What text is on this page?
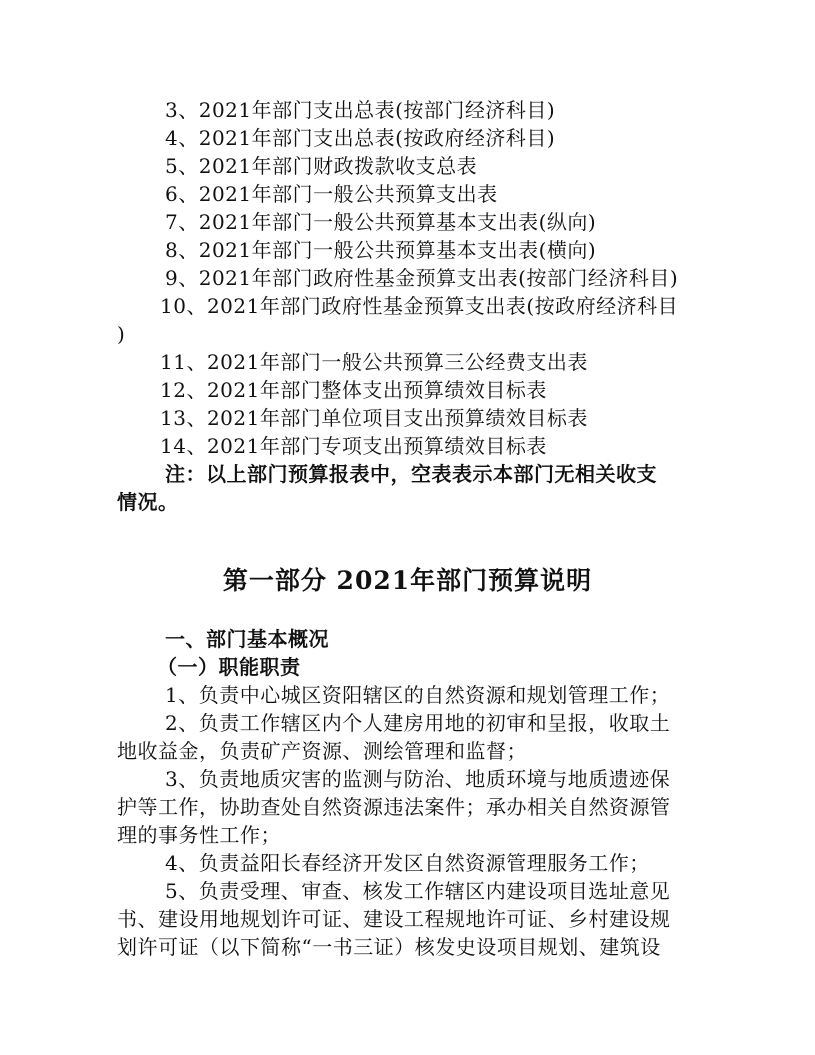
3、2021年部门支出总表(按部门经济科目)
4、2021年部门支出总表(按政府经济科目)
5、2021年部门财政拨款收支总表
6、2021年部门一般公共预算支出表
7、2021年部门一般公共预算基本支出表(纵向)
8、2021年部门一般公共预算基本支出表(横向)
9、2021年部门政府性基金预算支出表(按部门经济科目)
10、2021年部门政府性基金预算支出表(按政府经济科目
)
11、2021年部门一般公共预算三公经费支出表
12、2021年部门整体支出预算绩效目标表
13、2021年部门单位项目支出预算绩效目标表
14、2021年部门专项支出预算绩效目标表
注：以上部门预算报表中，空表表示本部门无相关收支
情况。
第一部分 2021年部门预算说明
一、部门基本概况
（一）职能职责
1、负责中心城区资阳辖区的自然资源和规划管理工作；
2、负责工作辖区内个人建房用地的初审和呈报，收取土
地收益金，负责矿产资源、测绘管理和监督；
3、负责地质灾害的监测与防治、地质环境与地质遗迹保
护等工作，协助查处自然资源违法案件；承办相关自然资源管
理的事务性工作；
4、负责益阳长春经济开发区自然资源管理服务工作；
5、负责受理、审查、核发工作辖区内建设项目选址意见
书、建设用地规划许可证、建设工程规地许可证、乡村建设规
划许可证（以下简称“一书三证）核发史设项目规划、建筑设
